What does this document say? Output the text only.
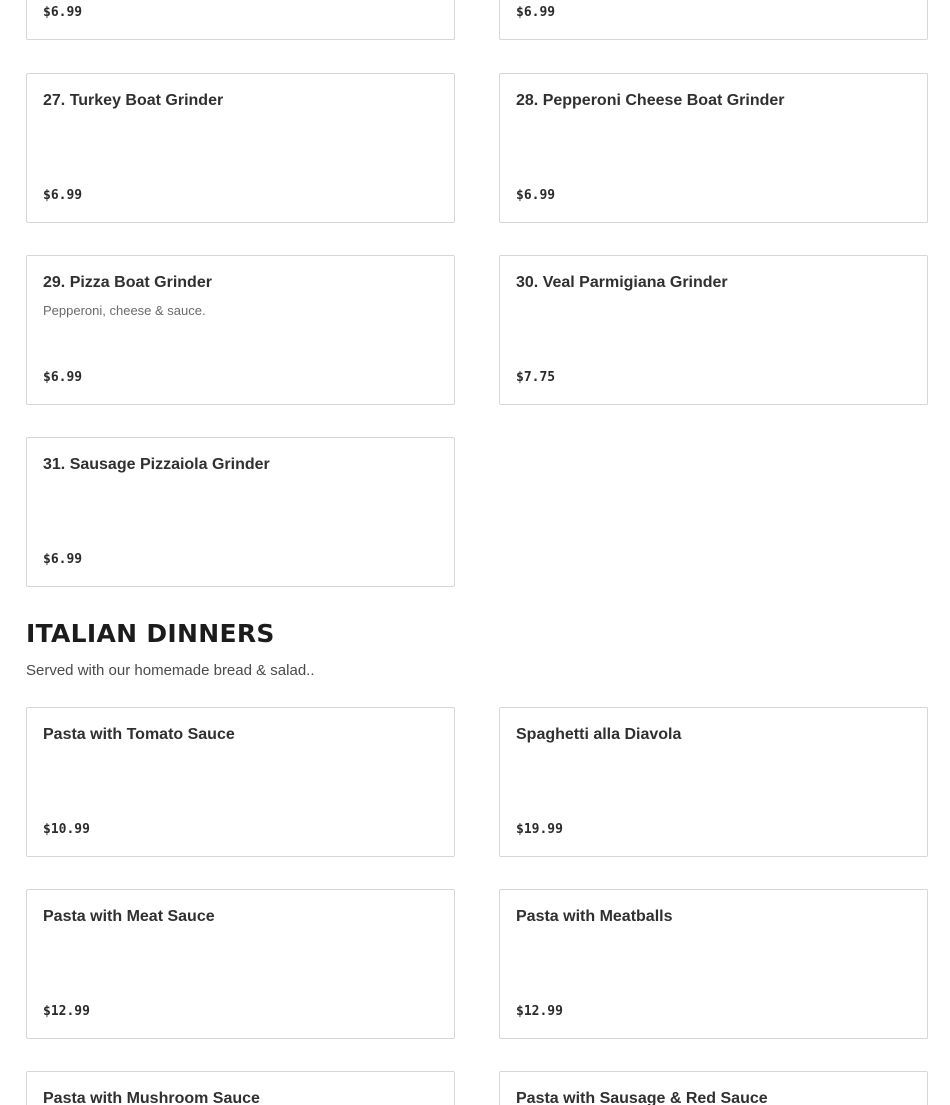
$6.99	$6.99
27. Turkey Boat Grinder
$6.99
28. Pepperoni Cheese Boat Grinder
$6.99
29. Pizza Boat Grinder
Pepperoni, cheese & sauce.
$6.99
30. Veal Parmigiana Grinder
$7.75
31. Sausage Pizzaiola Grinder
$6.99
ITALIAN DINNERS

Served with our homemade bread & salad..

Pasta with Tomato Sauce
$10.99
Spaghetti alla Diavola
$19.99
Pasta with Meat Sauce
$12.99
Pasta with Meatballs
$12.99
Pasta with Mushroom Sauce	Pasta with Sausage & Red Sauce
